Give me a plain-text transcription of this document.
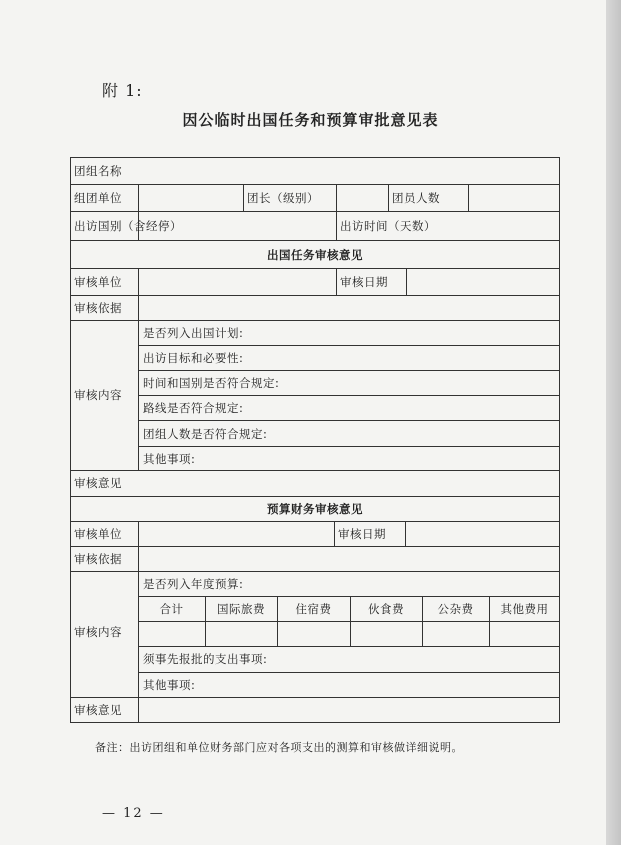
附 1:
因公临时出国任务和预算审批意见表
团组名称
组团单位	团长（级别）	团员人数
出访国别（含经停）	出访时间（天数）
出国任务审核意见
审核单位	审核日期
审核依据
审核内容
是否列入出国计划:
出访目标和必要性:
时间和国别是否符合规定:
路线是否符合规定:
团组人数是否符合规定:
其他事项:
审核意见
预算财务审核意见
审核单位	审核日期
审核依据
审核内容
是否列入年度预算:
合计	国际旅费	住宿费	伙食费	公杂费	其他费用
须事先报批的支出事项:
其他事项:
审核意见
备注：出访团组和单位财务部门应对各项支出的测算和审核做详细说明。
— 12 —
